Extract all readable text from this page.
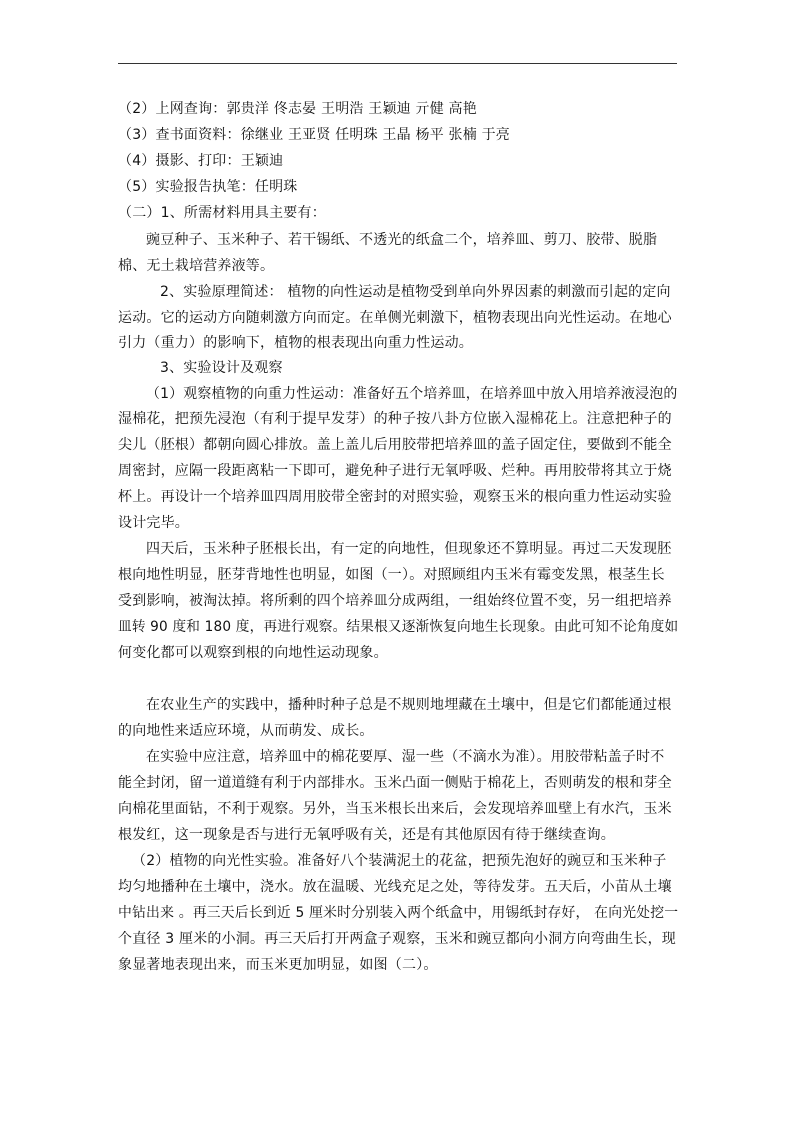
（2）上网查询：郭贵洋 佟志晏 王明浩 王颖迪 亓健 高艳
（3）查书面资料：徐继业 王亚贤 任明珠 王晶 杨平 张楠 于亮
（4）摄影、打印：王颖迪
（5）实验报告执笔：任明珠
（二）1、所需材料用具主要有：
豌豆种子、玉米种子、若干锡纸、不透光的纸盒二个，培养皿、剪刀、胶带、脱脂
棉、无土栽培营养液等。
2、实验原理简述： 植物的向性运动是植物受到单向外界因素的刺激而引起的定向
运动。它的运动方向随刺激方向而定。在单侧光刺激下，植物表现出向光性运动。在地心
引力（重力）的影响下，植物的根表现出向重力性运动。
3、实验设计及观察
（1）观察植物的向重力性运动：准备好五个培养皿，在培养皿中放入用培养液浸泡的
湿棉花，把预先浸泡（有利于提早发芽）的种子按八卦方位嵌入湿棉花上。注意把种子的
尖儿（胚根）都朝向圆心排放。盖上盖儿后用胶带把培养皿的盖子固定住，要做到不能全
周密封，应隔一段距离粘一下即可，避免种子进行无氧呼吸、烂种。再用胶带将其立于烧
杯上。再设计一个培养皿四周用胶带全密封的对照实验，观察玉米的根向重力性运动实验
设计完毕。
四天后，玉米种子胚根长出，有一定的向地性，但现象还不算明显。再过二天发现胚
根向地性明显，胚芽背地性也明显，如图（一）。对照顾组内玉米有霉变发黑，根茎生长
受到影响，被淘汰掉。将所剩的四个培养皿分成两组，一组始终位置不变，另一组把培养
皿转 90 度和 180 度，再进行观察。结果根又逐渐恢复向地生长现象。由此可知不论角度如
何变化都可以观察到根的向地性运动现象。
在农业生产的实践中，播种时种子总是不规则地埋藏在土壤中，但是它们都能通过根
的向地性来适应环境，从而萌发、成长。
在实验中应注意，培养皿中的棉花要厚、湿一些（不滴水为准）。用胶带粘盖子时不
能全封闭，留一道道缝有利于内部排水。玉米凸面一侧贴于棉花上，否则萌发的根和芽全
向棉花里面钻，不利于观察。另外，当玉米根长出来后，会发现培养皿壁上有水汽，玉米
根发红，这一现象是否与进行无氧呼吸有关，还是有其他原因有待于继续查询。
（2）植物的向光性实验。准备好八个装满泥土的花盆，把预先泡好的豌豆和玉米种子
均匀地播种在土壤中，浇水。放在温暖、光线充足之处，等待发芽。五天后，小苗从土壤
中钻出来 。再三天后长到近 5 厘米时分别装入两个纸盒中，用锡纸封存好， 在向光处挖一
个直径 3 厘米的小洞。再三天后打开两盒子观察，玉米和豌豆都向小洞方向弯曲生长，现
象显著地表现出来，而玉米更加明显，如图（二）。
